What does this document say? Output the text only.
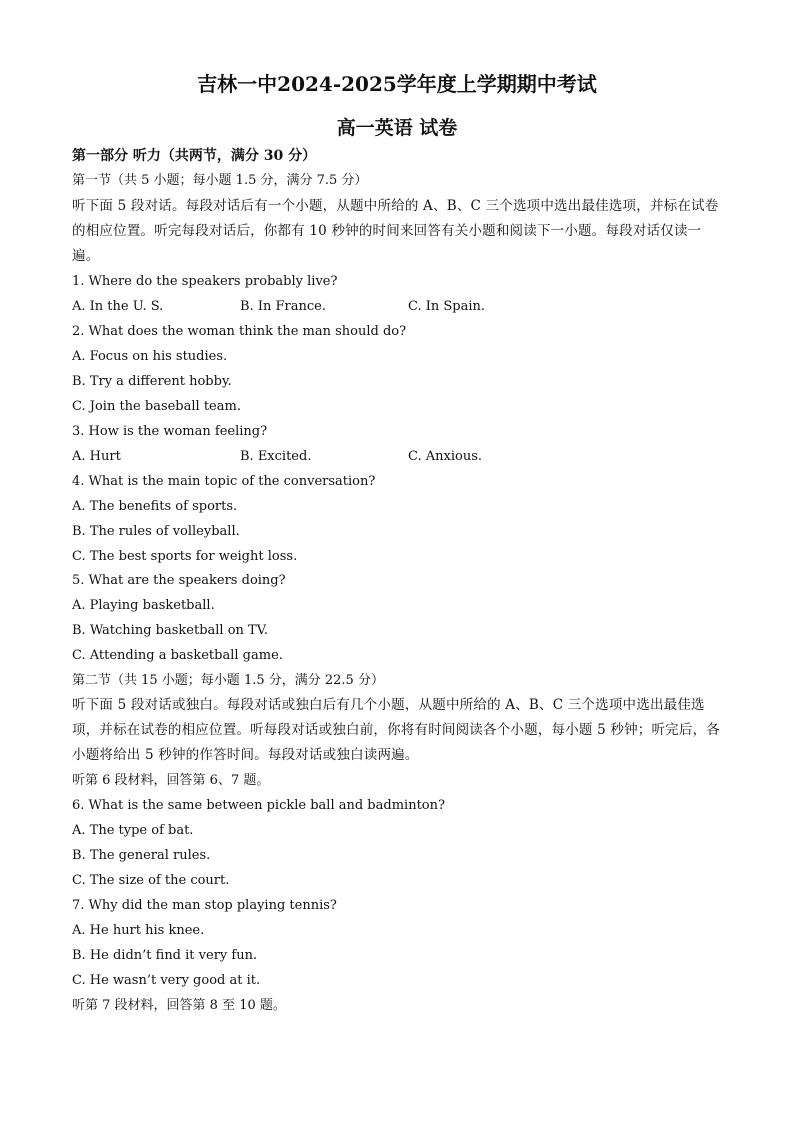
吉林一中2024-2025学年度上学期期中考试
高一英语 试卷
第一部分 听力（共两节，满分 30 分）
第一节（共 5 小题；每小题 1.5 分，满分 7.5 分）
听下面 5 段对话。每段对话后有一个小题，从题中所给的 A、B、C 三个选项中选出最佳选项，并标在试卷的相应位置。听完每段对话后，你都有 10 秒钟的时间来回答有关小题和阅读下一小题。每段对话仅读一遍。
1. Where do the speakers probably live?
A. In the U. S.	B. In France.	C. In Spain.
2. What does the woman think the man should do?
A. Focus on his studies.
B. Try a different hobby.
C. Join the baseball team.
3. How is the woman feeling?
A. Hurt	B. Excited.	C. Anxious.
4. What is the main topic of the conversation?
A. The benefits of sports.
B. The rules of volleyball.
C. The best sports for weight loss.
5. What are the speakers doing?
A. Playing basketball.
B. Watching basketball on TV.
C. Attending a basketball game.
第二节（共 15 小题；每小题 1.5 分，满分 22.5 分）
听下面 5 段对话或独白。每段对话或独白后有几个小题，从题中所给的 A、B、C 三个选项中选出最佳选项，并标在试卷的相应位置。听每段对话或独白前，你将有时间阅读各个小题，每小题 5 秒钟；听完后，各小题将给出 5 秒钟的作答时间。每段对话或独白读两遍。
听第 6 段材料，回答第 6、7 题。
6. What is the same between pickle ball and badminton?
A. The type of bat.
B. The general rules.
C. The size of the court.
7. Why did the man stop playing tennis?
A. He hurt his knee.
B. He didn’t find it very fun.
C. He wasn’t very good at it.
听第 7 段材料，回答第 8 至 10 题。
